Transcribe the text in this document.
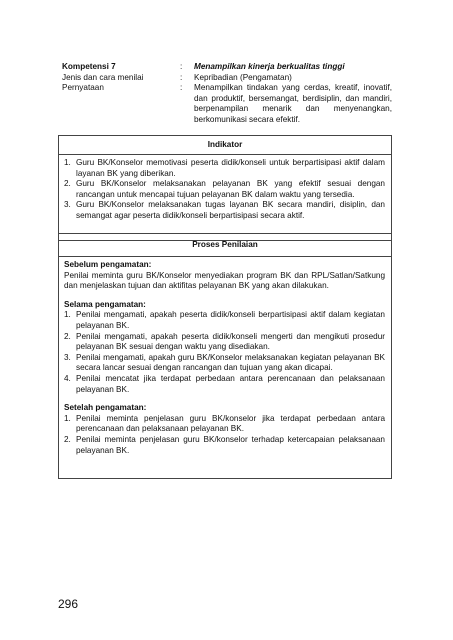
Kompetensi 7	:	Menampilkan kinerja berkualitas tinggi
Jenis dan cara menilai	:	Kepribadian (Pengamatan)
Pernyataan	:	Menampilkan tindakan yang cerdas, kreatif, inovatif, dan produktif, bersemangat, berdisiplin, dan mandiri, berpenampilan menarik dan menyenangkan, berkomunikasi secara efektif.
Indikator
1. Guru BK/Konselor memotivasi peserta didik/konseli untuk berpartisipasi aktif dalam layanan BK yang diberikan.
2. Guru BK/Konselor melaksanakan pelayanan BK yang efektif sesuai dengan rancangan untuk mencapai tujuan pelayanan BK dalam waktu yang tersedia.
3. Guru BK/Konselor melaksanakan tugas layanan BK secara mandiri, disiplin, dan semangat agar peserta didik/konseli berpartisipasi secara aktif.
Proses Penilaian
Sebelum pengamatan:
Penilai meminta guru BK/Konselor menyediakan program BK dan RPL/Satlan/Satkung dan menjelaskan tujuan dan aktifitas pelayanan BK yang akan dilakukan.
Selama pengamatan:
1. Penilai mengamati, apakah peserta didik/konseli berpartisipasi aktif dalam kegiatan pelayanan BK.
2. Penilai mengamati, apakah peserta didik/konseli mengerti dan mengikuti prosedur pelayanan BK sesuai dengan waktu yang disediakan.
3. Penilai mengamati, apakah guru BK/Konselor melaksanakan kegiatan pelayanan BK secara lancar sesuai dengan rancangan dan tujuan yang akan dicapai.
4. Penilai mencatat jika terdapat perbedaan antara perencanaan dan pelaksanaan pelayanan BK.
Setelah pengamatan:
1. Penilai meminta penjelasan guru BK/konselor jika terdapat perbedaan antara perencanaan dan pelaksanaan pelayanan BK.
2. Penilai meminta penjelasan guru BK/konselor terhadap ketercapaian pelaksanaan pelayanan BK.
296
